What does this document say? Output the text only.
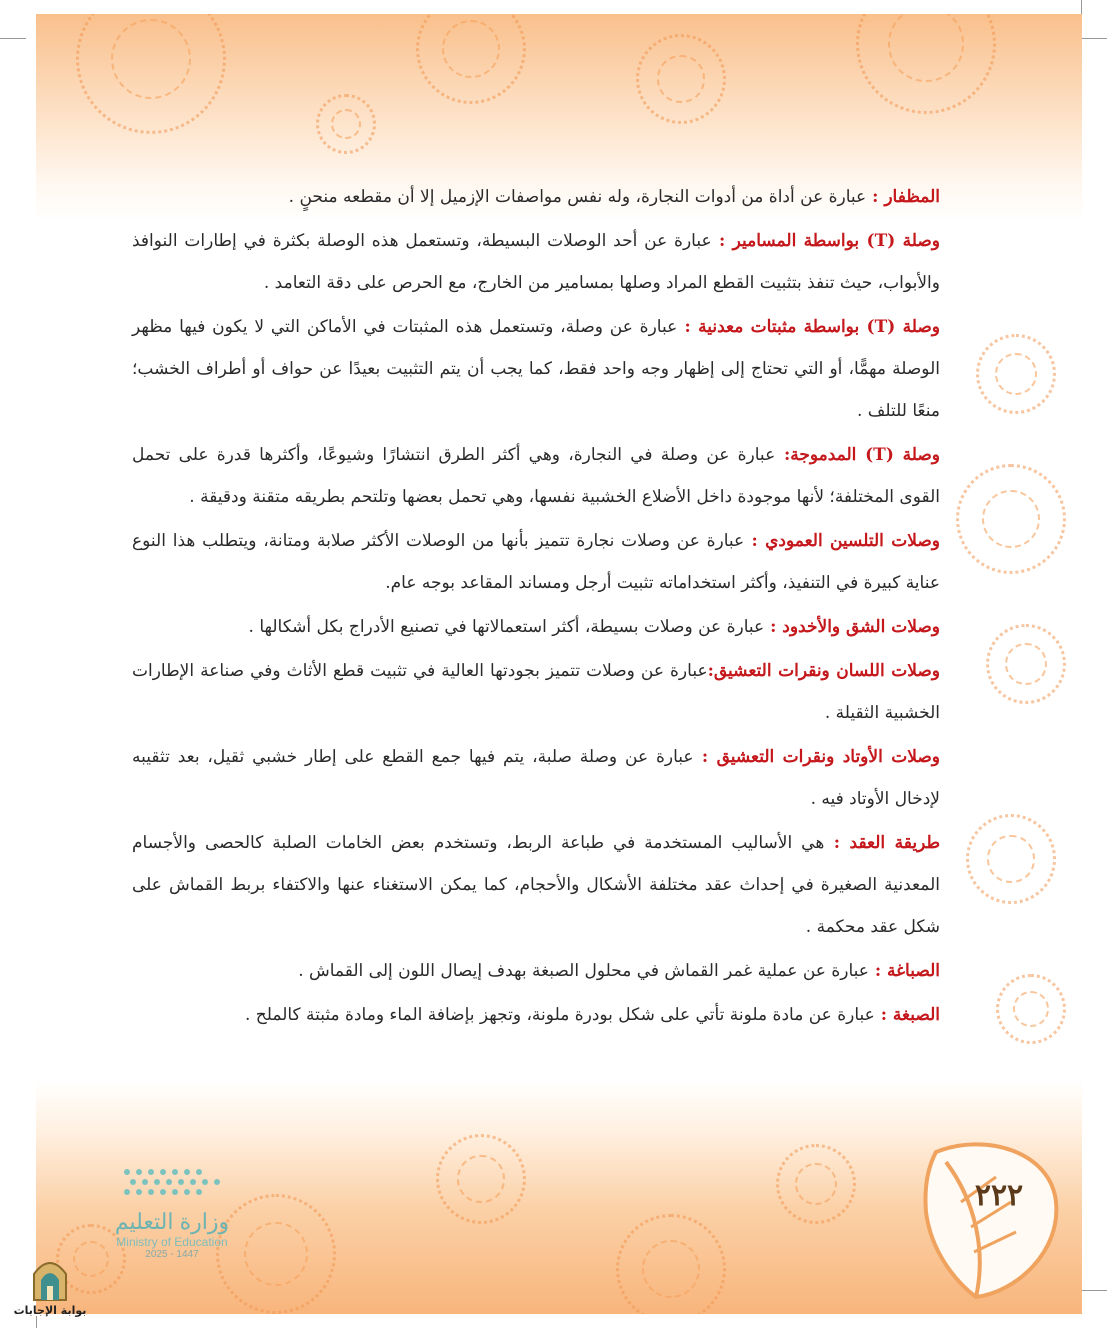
المظفار : عبارة عن أداة من أدوات النجارة، وله نفس مواصفات الإزميل إلا أن مقطعه منحنٍ .

وصلة (T) بواسطة المسامير : عبارة عن أحد الوصلات البسيطة، وتستعمل هذه الوصلة بكثرة في إطارات النوافذ والأبواب، حيث تنفذ بتثبيت القطع المراد وصلها بمسامير من الخارج، مع الحرص على دقة التعامد .

وصلة (T) بواسطة مثبتات معدنية : عبارة عن وصلة، وتستعمل هذه المثبتات في الأماكن التي لا يكون فيها مظهر الوصلة مهمًّا، أو التي تحتاج إلى إظهار وجه واحد فقط، كما يجب أن يتم التثبيت بعيدًا عن حواف أو أطراف الخشب؛ منعًا للتلف .

وصلة (T) المدموجة: عبارة عن وصلة في النجارة، وهي أكثر الطرق انتشارًا وشيوعًا، وأكثرها قدرة على تحمل القوى المختلفة؛ لأنها موجودة داخل الأضلاع الخشبية نفسها، وهي تحمل بعضها وتلتحم بطريقه متقنة ودقيقة .

وصلات التلسين العمودي : عبارة عن وصلات نجارة تتميز بأنها من الوصلات الأكثر صلابة ومتانة، ويتطلب هذا النوع عناية كبيرة في التنفيذ، وأكثر استخداماته تثبيت أرجل ومساند المقاعد بوجه عام.

وصلات الشق والأخدود : عبارة عن وصلات بسيطة، أكثر استعمالاتها في تصنيع الأدراج بكل أشكالها .

وصلات اللسان ونقرات التعشيق:عبارة عن وصلات تتميز بجودتها العالية في تثبيت قطع الأثاث وفي صناعة الإطارات الخشبية الثقيلة .

وصلات الأوتاد ونقرات التعشيق : عبارة عن وصلة صلبة، يتم فيها جمع القطع على إطار خشبي ثقيل، بعد تثقيبه لإدخال الأوتاد فيه .

طريقة العقد : هي الأساليب المستخدمة في طباعة الربط، وتستخدم بعض الخامات الصلبة كالحصى والأجسام المعدنية الصغيرة في إحداث عقد مختلفة الأشكال والأحجام، كما يمكن الاستغناء عنها والاكتفاء بربط القماش على شكل عقد محكمة .

الصباغة : عبارة عن عملية غمر القماش في محلول الصبغة بهدف إيصال اللون إلى القماش .

الصبغة : عبارة عن مادة ملونة تأتي على شكل بودرة ملونة، وتجهز بإضافة الماء ومادة مثبتة كالملح .

٢٢٢
وزارة التعليم
Ministry of Education
2025 - 1447
بوابة الإجابات
